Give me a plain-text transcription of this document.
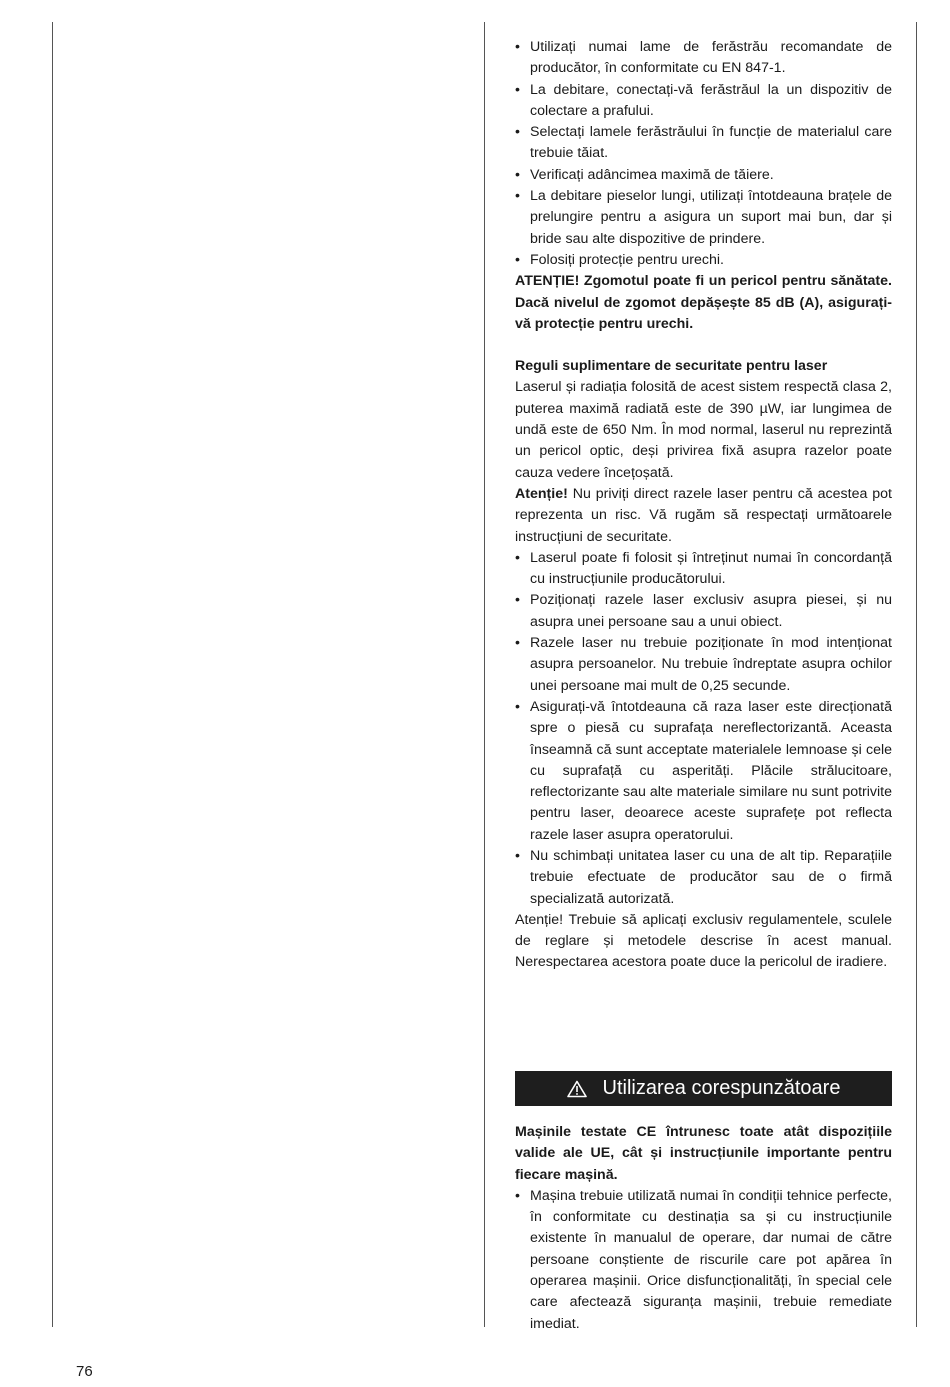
• Utilizați numai lame de ferăstrău recomandate de producător, în conformitate cu EN 847-1.
• La debitare, conectați-vă ferăstrăul la un dispozitiv de colectare a prafului.
• Selectați lamele ferăstrăului în funcție de materialul care trebuie tăiat.
• Verificați adâncimea maximă de tăiere.
• La debitare pieselor lungi, utilizați întotdeauna brațele de prelungire pentru a asigura un suport mai bun, dar și bride sau alte dispozitive de prindere.
• Folosiți protecție pentru urechi.

ATENȚIE! Zgomotul poate fi un pericol pentru sănătate. Dacă nivelul de zgomot depășește 85 dB (A), asigurați-vă protecție pentru urechi.

Reguli suplimentare de securitate pentru laser

Laserul și radiația folosită de acest sistem respectă clasa 2, puterea maximă radiată este de 390 µW, iar lungimea de undă este de 650 Nm. În mod normal, laserul nu reprezintă un pericol optic, deși privirea fixă asupra razelor poate cauza vedere încețoșată.

Atenție! Nu priviți direct razele laser pentru că acestea pot reprezenta un risc. Vă rugăm să respectați următoarele instrucțiuni de securitate.

• Laserul poate fi folosit și întreținut numai în concordanță cu instrucțiunile producătorului.
• Poziționați razele laser exclusiv asupra piesei, și nu asupra unei persoane sau a unui obiect.
• Razele laser nu trebuie poziționate în mod intenționat asupra persoanelor. Nu trebuie îndreptate asupra ochilor unei persoane mai mult de 0,25 secunde.
• Asigurați-vă întotdeauna că raza laser este direcționată spre o piesă cu suprafața nereflectorizantă. Aceasta înseamnă că sunt acceptate materialele lemnoase și cele cu suprafață cu asperități. Plăcile strălucitoare, reflectorizante sau alte materiale similare nu sunt potrivite pentru laser, deoarece aceste suprafețe pot reflecta razele laser asupra operatorului.
• Nu schimbați unitatea laser cu una de alt tip. Reparațiile trebuie efectuate de producător sau de o firmă specializată autorizată.

Atenție! Trebuie să aplicați exclusiv regulamentele, sculele de reglare și metodele descrise în acest manual. Nerespectarea acestora poate duce la pericolul de iradiere.

Utilizarea corespunzătoare

Mașinile testate CE întrunesc toate atât dispozițiile valide ale UE, cât și instrucțiunile importante pentru fiecare mașină.

• Mașina trebuie utilizată numai în condiții tehnice perfecte, în conformitate cu destinația sa și cu instrucțiunile existente în manualul de operare, dar numai de către persoane conștiente de riscurile care pot apărea în operarea mașinii. Orice disfuncționalități, în special cele care afectează siguranța mașinii, trebuie remediate imediat.
76
